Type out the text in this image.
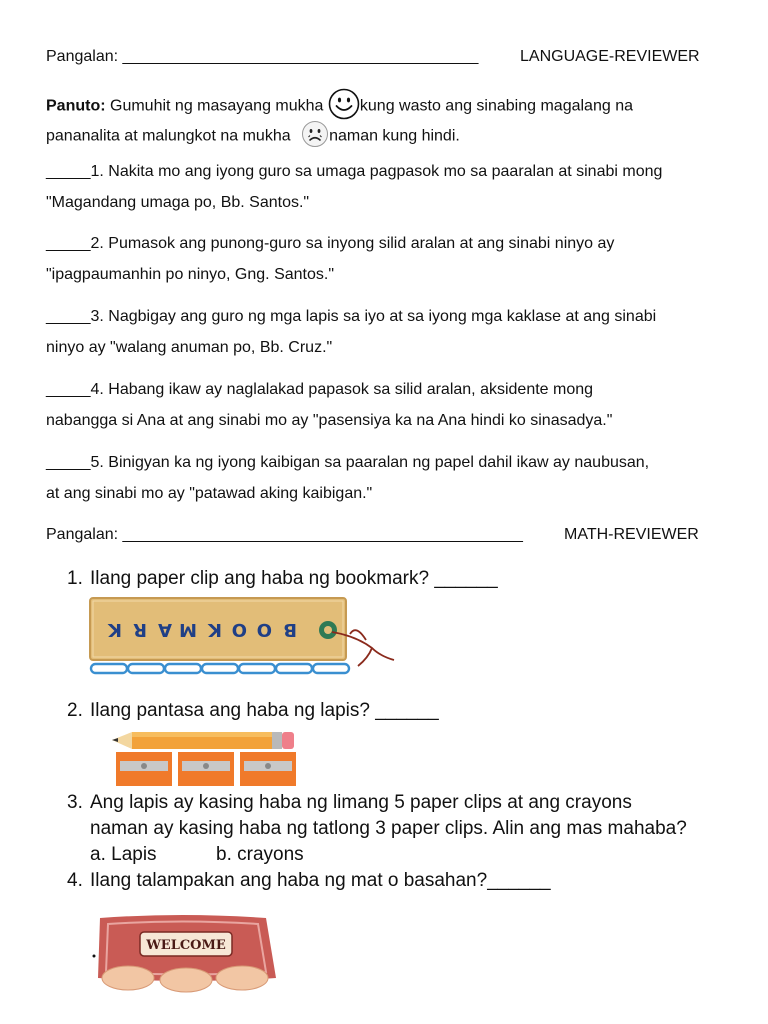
Pangalan: ________________________________________	LANGUAGE-REVIEWER
Panuto: Gumuhit ng masayang mukha kung wasto ang sinabing magalang na
pananalita at malungkot na mukha naman kung hindi.
_____1. Nakita mo ang iyong guro sa umaga pagpasok mo sa paaralan at sinabi mong
"Magandang umaga po, Bb. Santos."
_____2. Pumasok ang punong-guro sa inyong silid aralan at ang sinabi ninyo ay
"ipagpaumanhin po ninyo, Gng. Santos."
_____3. Nagbigay ang guro ng mga lapis sa iyo at sa iyong mga kaklase at ang sinabi
ninyo ay "walang anuman po, Bb. Cruz."
_____4. Habang ikaw ay naglalakad papasok sa silid aralan, aksidente mong
nabangga si Ana at ang sinabi mo ay "pasensiya ka na Ana hindi ko sinasadya."
_____5. Binigyan ka ng iyong kaibigan sa paaralan ng papel dahil ikaw ay naubusan,
at ang sinabi mo ay "patawad aking kaibigan."
Pangalan: _____________________________________________	MATH-REVIEWER
1. Ilang paper clip ang haba ng bookmark? ______
K R A M K O O B
2. Ilang pantasa ang haba ng lapis? ______
3. Ang lapis ay kasing haba ng limang 5 paper clips at ang crayons
naman ay kasing haba ng tatlong 3 paper clips. Alin ang mas mahaba?
a. Lapis	b. crayons
4. Ilang talampakan ang haba ng mat o basahan?______
WELCOME
